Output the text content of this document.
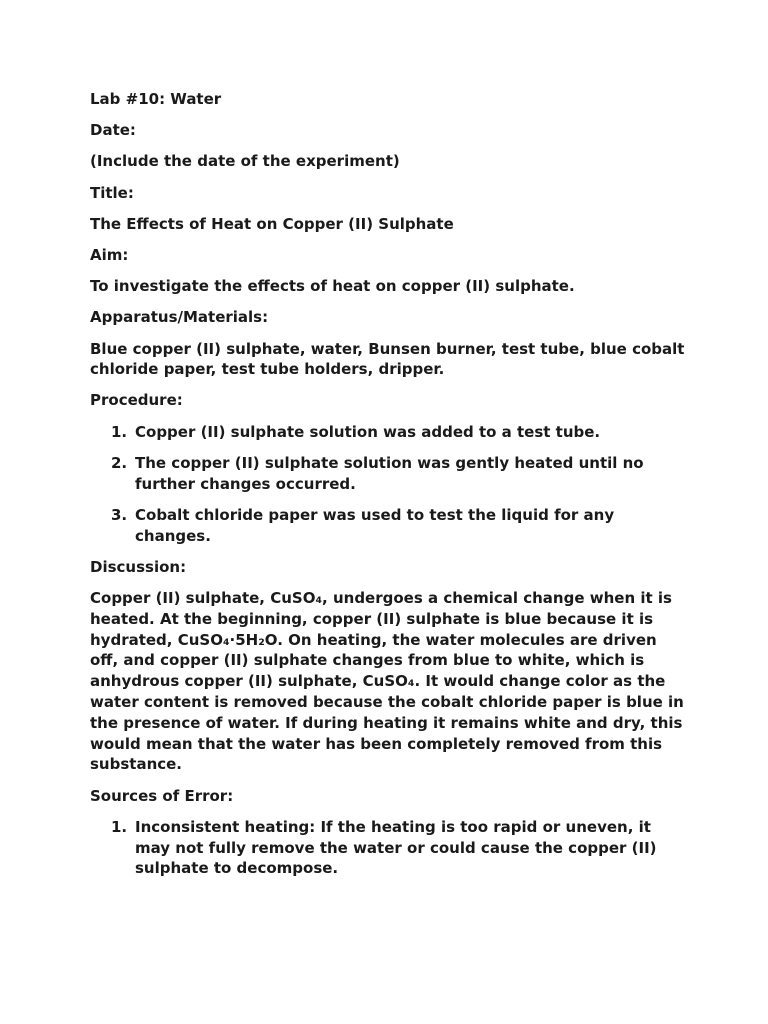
Lab #10: Water

Date:

(Include the date of the experiment)

Title:

The Effects of Heat on Copper (II) Sulphate

Aim:

To investigate the effects of heat on copper (II) sulphate.

Apparatus/Materials:

Blue copper (II) sulphate, water, Bunsen burner, test tube, blue cobalt chloride paper, test tube holders, dripper.

Procedure:

1. Copper (II) sulphate solution was added to a test tube.
2. The copper (II) sulphate solution was gently heated until no further changes occurred.
3. Cobalt chloride paper was used to test the liquid for any changes.

Discussion:

Copper (II) sulphate, CuSO₄, undergoes a chemical change when it is heated. At the beginning, copper (II) sulphate is blue because it is hydrated, CuSO₄·5H₂O. On heating, the water molecules are driven off, and copper (II) sulphate changes from blue to white, which is anhydrous copper (II) sulphate, CuSO₄. It would change color as the water content is removed because the cobalt chloride paper is blue in the presence of water. If during heating it remains white and dry, this would mean that the water has been completely removed from this substance.

Sources of Error:

1. Inconsistent heating: If the heating is too rapid or uneven, it may not fully remove the water or could cause the copper (II) sulphate to decompose.
